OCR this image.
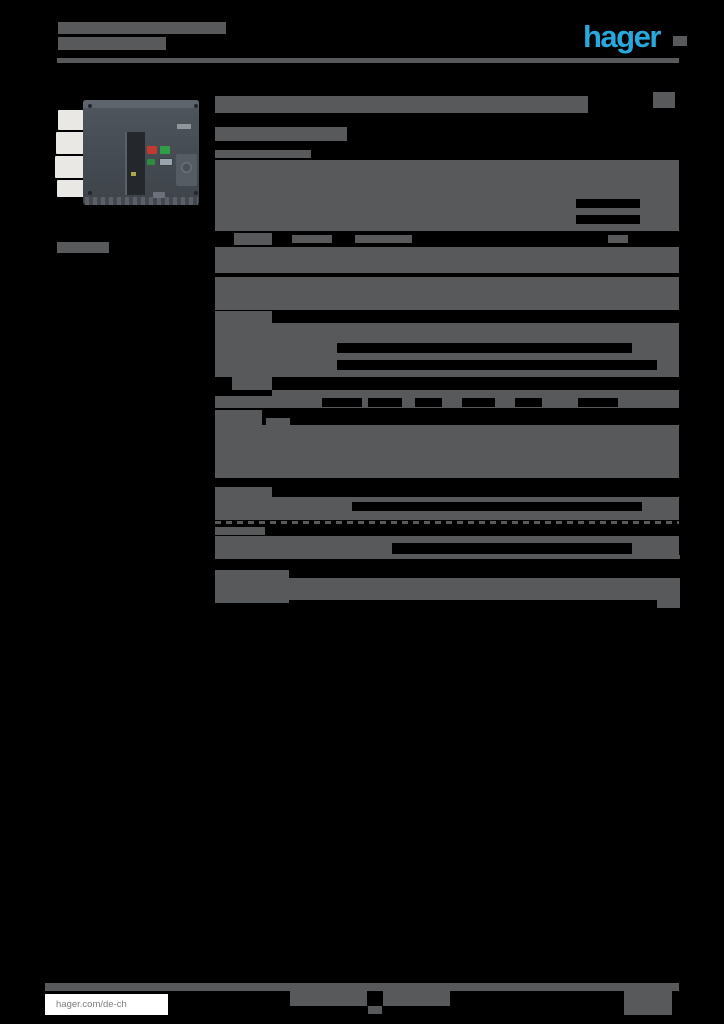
hager
hager.com/de-ch
